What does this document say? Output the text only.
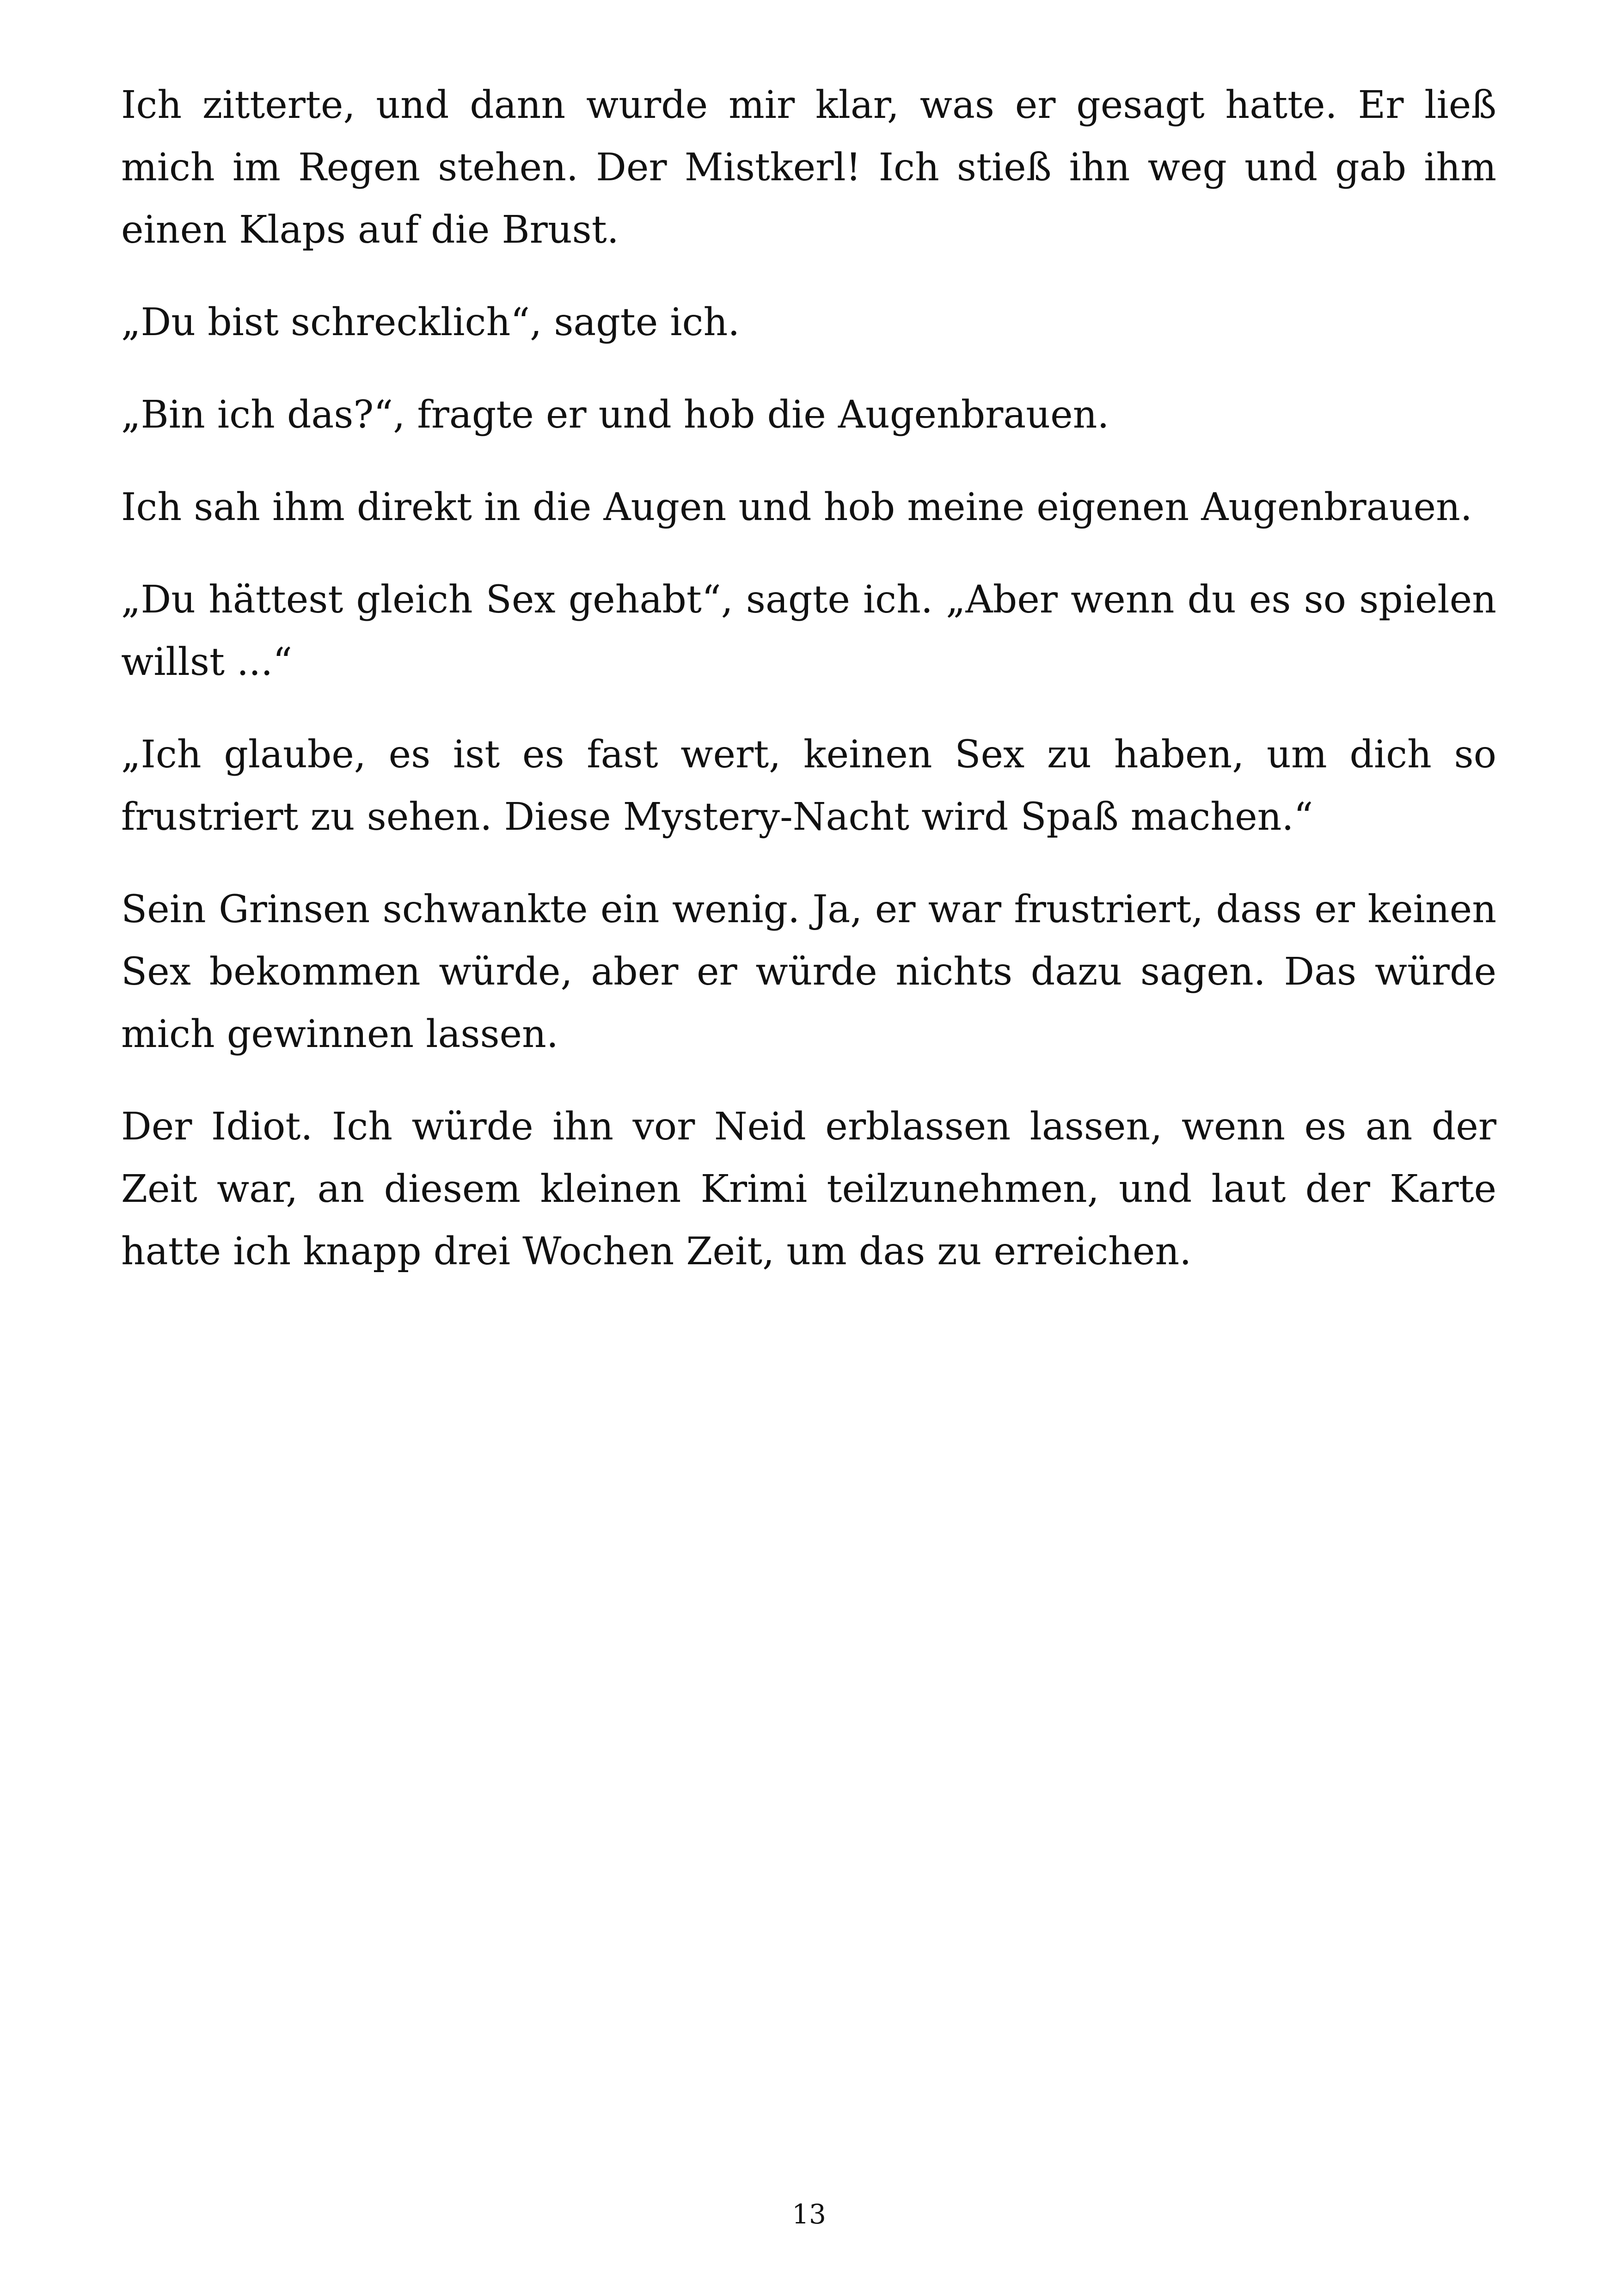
Ich zitterte, und dann wurde mir klar, was er gesagt hatte. Er ließ mich im Regen stehen. Der Mistkerl! Ich stieß ihn weg und gab ihm einen Klaps auf die Brust.

„Du bist schrecklich“, sagte ich.

„Bin ich das?“, fragte er und hob die Augenbrauen.

Ich sah ihm direkt in die Augen und hob meine eigenen Augenbrauen.

„Du hättest gleich Sex gehabt“, sagte ich. „Aber wenn du es so spielen willst ...“

„Ich glaube, es ist es fast wert, keinen Sex zu haben, um dich so frustriert zu sehen. Diese Mystery-Nacht wird Spaß machen.“

Sein Grinsen schwankte ein wenig. Ja, er war frustriert, dass er keinen Sex bekommen würde, aber er würde nichts dazu sagen. Das würde mich gewinnen lassen.

Der Idiot. Ich würde ihn vor Neid erblassen lassen, wenn es an der Zeit war, an diesem kleinen Krimi teilzunehmen, und laut der Karte hatte ich knapp drei Wochen Zeit, um das zu erreichen.

13
